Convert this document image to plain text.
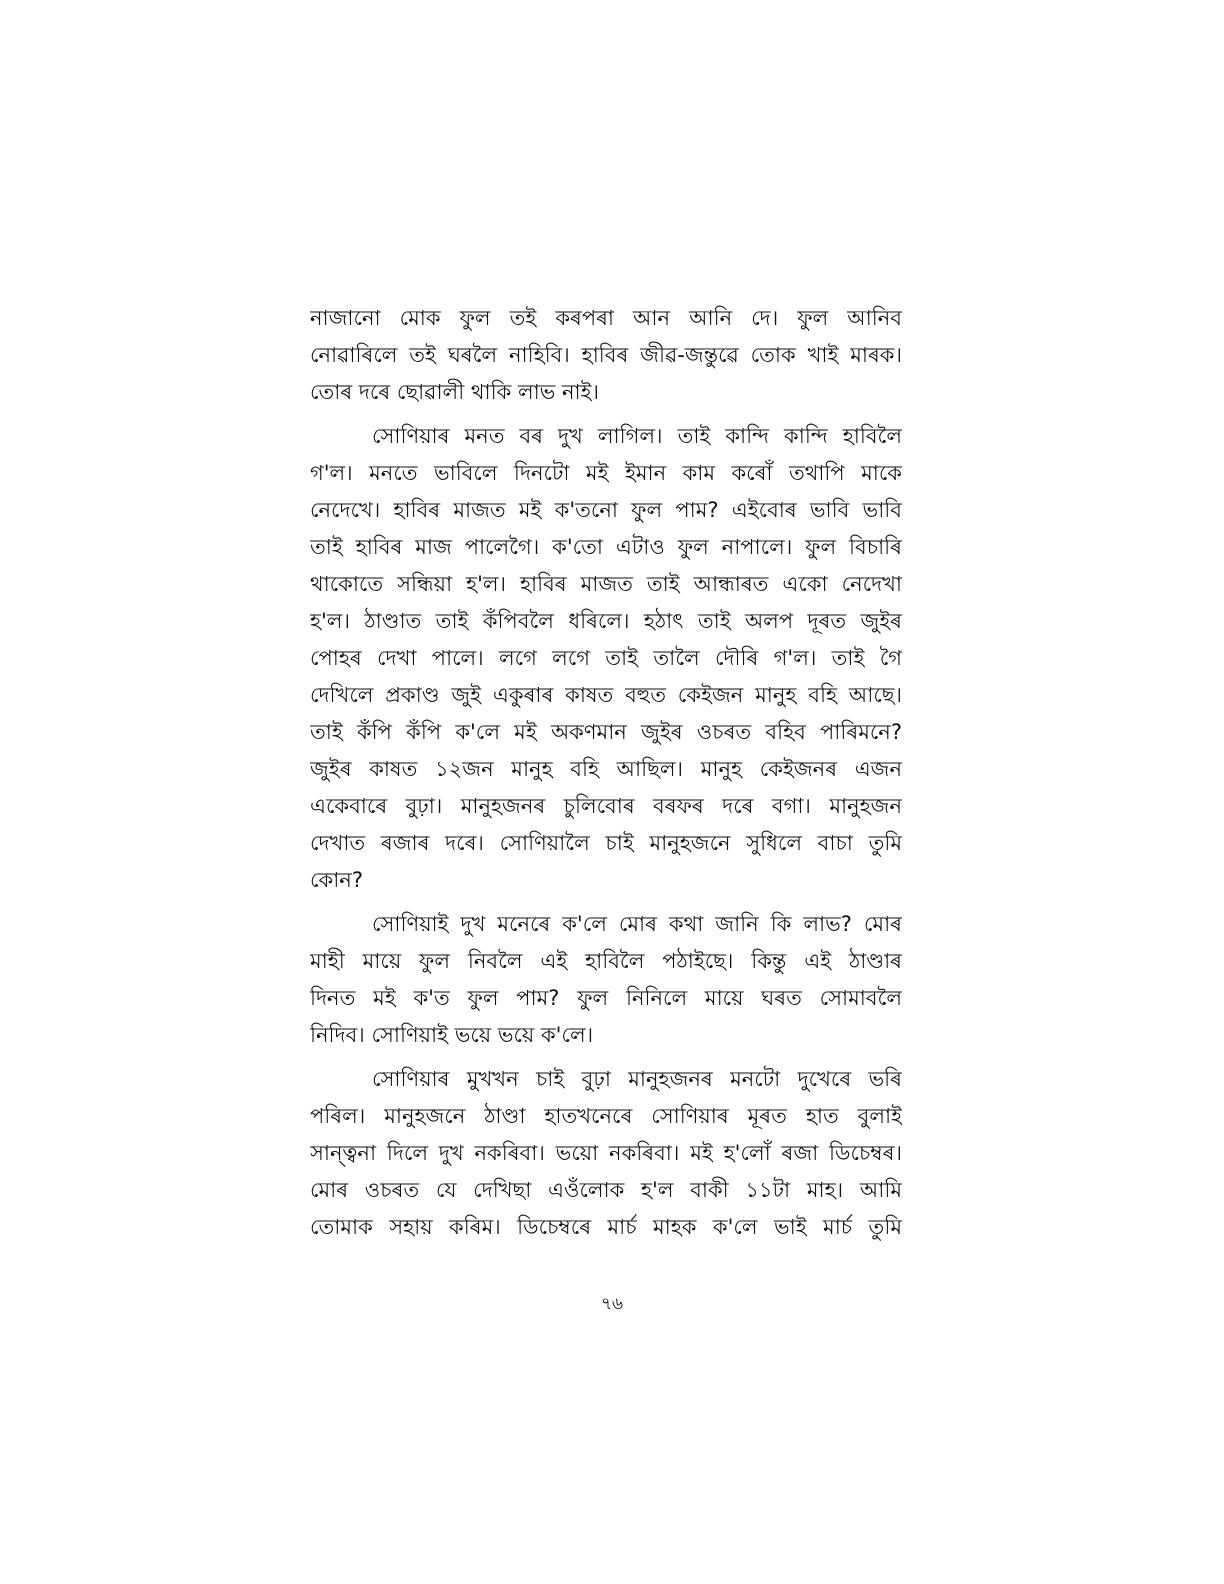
নাজানো মোক ফুল তই কৰপৰা আন আনি দে। ফুল আনিব
নোৱাৰিলে তই ঘৰলৈ নাহিবি। হাবিৰ জীৱ-জন্তুৱে তোক খাই মাৰক।
তোৰ দৰে ছোৱালী থাকি লাভ নাই।
সোণিয়াৰ মনত বৰ দুখ লাগিল। তাই কান্দি কান্দি হাবিলৈ
গ'ল। মনতে ভাবিলে দিনটো মই ইমান কাম কৰোঁ তথাপি মাকে
নেদেখে। হাবিৰ মাজত মই ক'তনো ফুল পাম? এইবোৰ ভাবি ভাবি
তাই হাবিৰ মাজ পালেগৈ। ক'তো এটাও ফুল নাপালে। ফুল বিচাৰি
থাকোতে সন্ধিয়া হ'ল। হাবিৰ মাজত তাই আন্ধাৰত একো নেদেখা
হ'ল। ঠাণ্ডাত তাই কঁপিবলৈ ধৰিলে। হঠাৎ তাই অলপ দূৰত জুইৰ
পোহৰ দেখা পালে। লগে লগে তাই তালৈ দৌৰি গ'ল। তাই গৈ
দেখিলে প্ৰকাণ্ড জুই একুৰাৰ কাষত বহুত কেইজন মানুহ বহি আছে।
তাই কঁপি কঁপি ক'লে মই অকণমান জুইৰ ওচৰত বহিব পাৰিমনে?
জুইৰ কাষত ১২জন মানুহ বহি আছিল। মানুহ কেইজনৰ এজন
একেবাৰে বুঢ়া। মানুহজনৰ চুলিবোৰ বৰফৰ দৰে বগা। মানুহজন
দেখাত ৰজাৰ দৰে। সোণিয়ালৈ চাই মানুহজনে সুধিলে বাচা তুমি
কোন?
সোণিয়াই দুখ মনেৰে ক'লে মোৰ কথা জানি কি লাভ? মোৰ
মাহী মায়ে ফুল নিবলৈ এই হাবিলৈ পঠাইছে। কিন্তু এই ঠাণ্ডাৰ
দিনত মই ক'ত ফুল পাম? ফুল নিনিলে মায়ে ঘৰত সোমাবলৈ
নিদিব। সোণিয়াই ভয়ে ভয়ে ক'লে।
সোণিয়াৰ মুখখন চাই বুঢ়া মানুহজনৰ মনটো দুখেৰে ভৰি
পৰিল। মানুহজনে ঠাণ্ডা হাতখনেৰে সোণিয়াৰ মূৰত হাত বুলাই
সান্ত্বনা দিলে দুখ নকৰিবা। ভয়ো নকৰিবা। মই হ'লোঁ ৰজা ডিচেম্বৰ।
মোৰ ওচৰত যে দেখিছা এওঁলোক হ'ল বাকী ১১টা মাহ। আমি
তোমাক সহায় কৰিম। ডিচেম্বৰে মাৰ্চ মাহক ক'লে ভাই মাৰ্চ তুমি
৭৬
